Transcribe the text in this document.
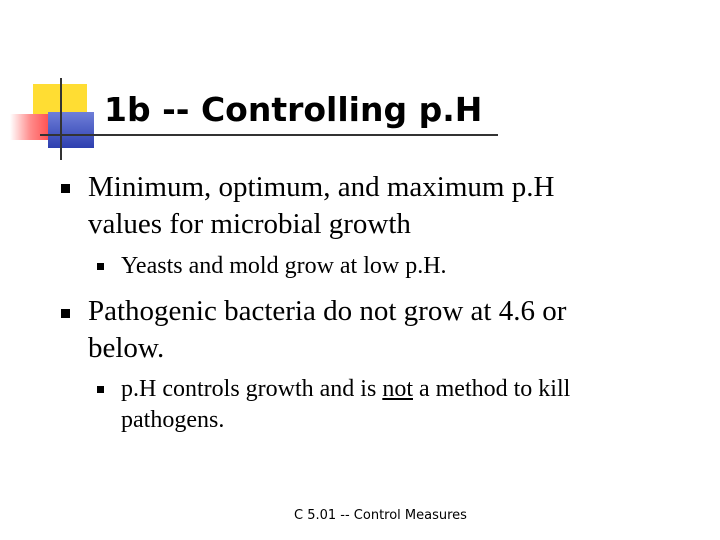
1b -- Controlling p.H
Minimum, optimum, and maximum p.H
values for microbial growth
Yeasts and mold grow at low p.H.
Pathogenic bacteria do not grow at 4.6 or
below.
p.H controls growth and is not a method to kill
pathogens.
C 5.01 -- Control Measures
